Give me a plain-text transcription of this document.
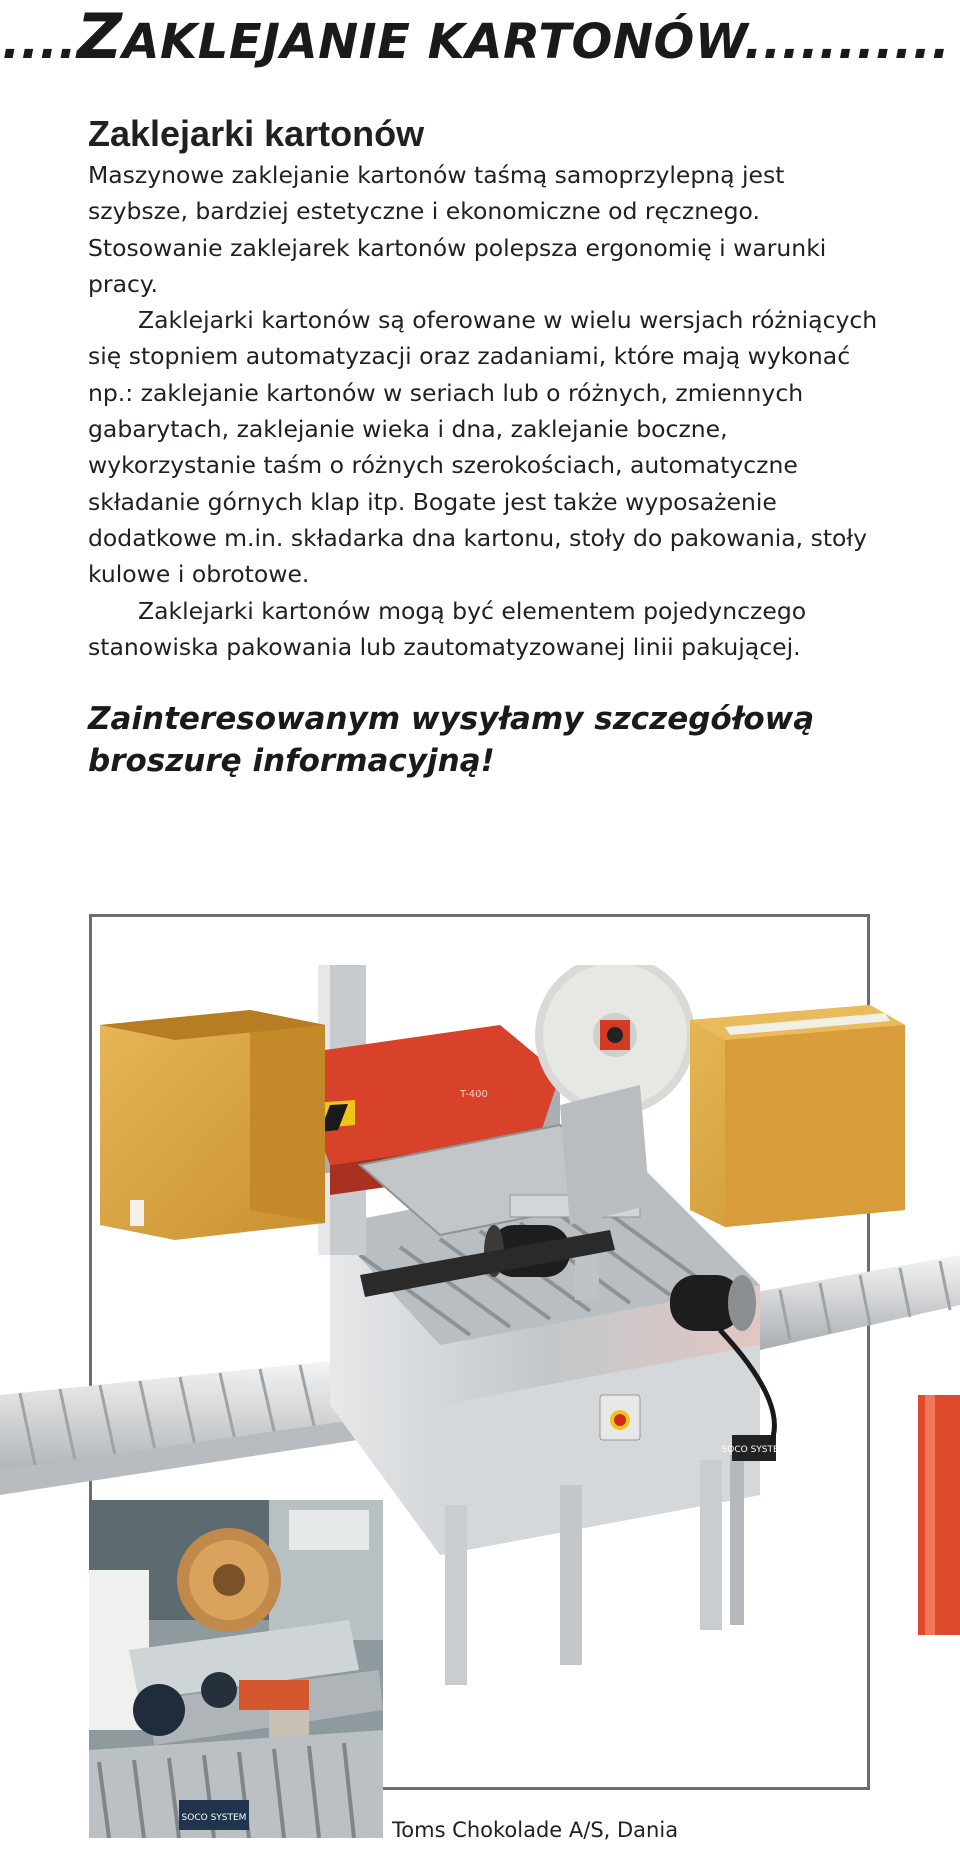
....ZAKLEJANIE KARTONÓW...........
Zaklejarki kartonów

Maszynowe zaklejanie kartonów taśmą samoprzylepną jest szybsze, bardziej estetyczne i ekonomiczne od ręcznego. Stosowanie zaklejarek kartonów polepsza ergonomię i warunki pracy.

Zaklejarki kartonów są oferowane w wielu wersjach różniących się stopniem automatyzacji oraz zadaniami, które mają wykonać np.: zaklejanie kartonów w seriach lub o różnych, zmiennych gabarytach, zaklejanie wieka i dna, zaklejanie boczne, wykorzystanie taśm o różnych szerokościach, automatyczne składanie górnych klap itp. Bogate jest także wyposażenie dodatkowe m.in. składarka dna kartonu, stoły do pakowania, stoły kulowe i obrotowe.

Zaklejarki kartonów mogą być elementem pojedynczego stanowiska pakowania lub zautomatyzowanej linii pakującej.

Zainteresowanym wysyłamy szczegółową broszurę informacyjną!
SOCO SYSTEM
T-400
SOCO SYSTEM	Toms Chokolade A/S, Dania
